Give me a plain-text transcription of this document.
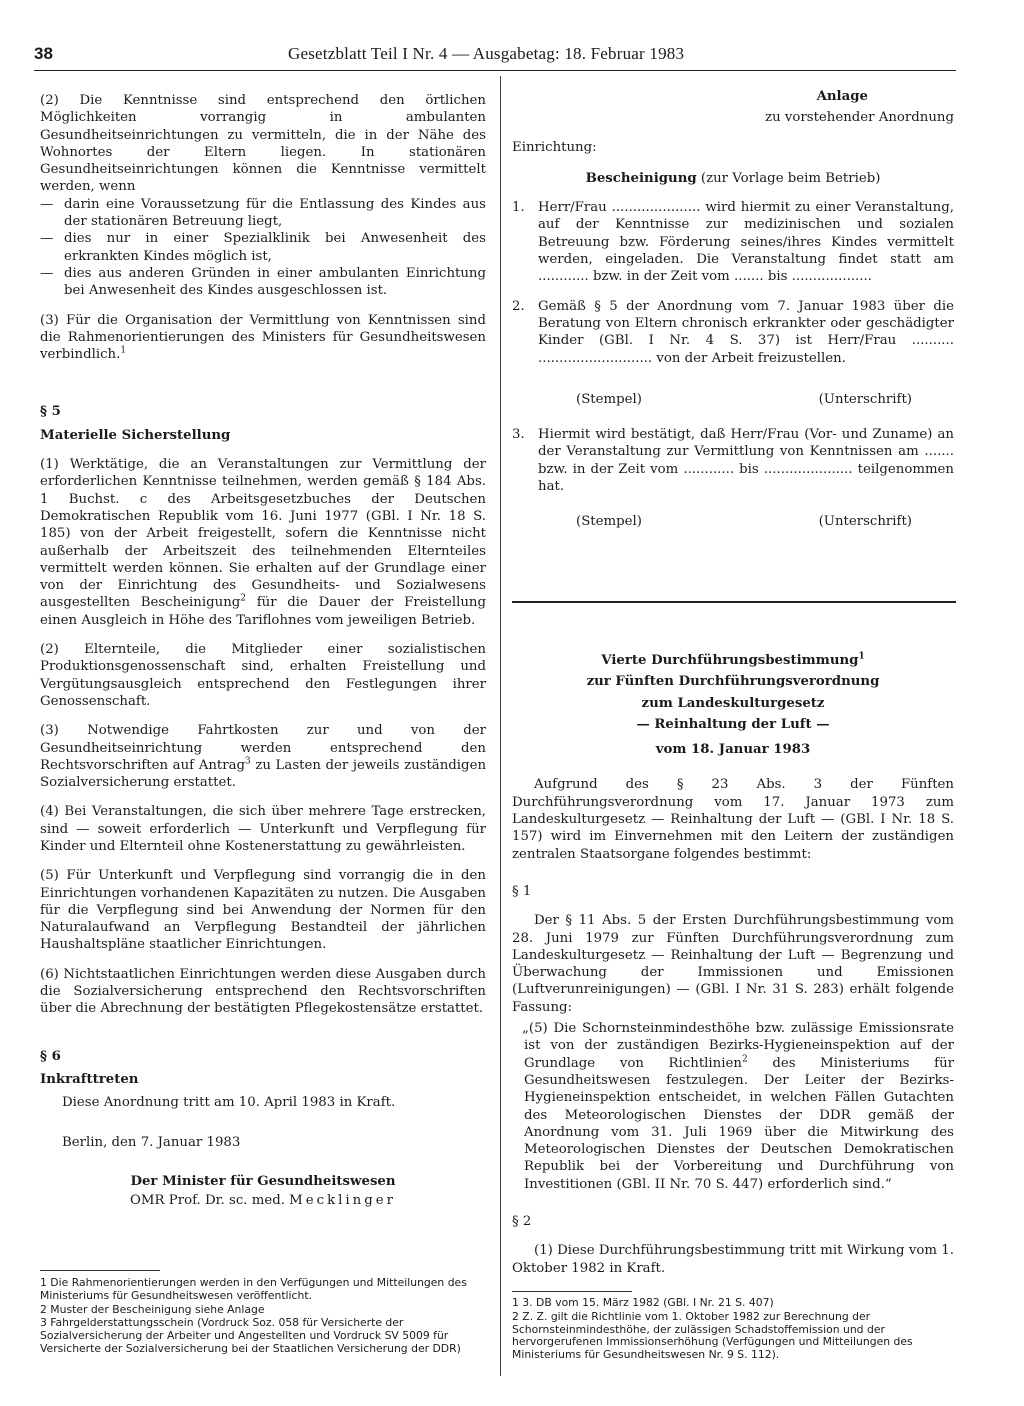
38	Gesetzblatt Teil I Nr. 4 — Ausgabetag: 18. Februar 1983

(2) Die Kenntnisse sind entsprechend den örtlichen Möglichkeiten vorrangig in ambulanten Gesundheitseinrichtungen zu vermitteln, die in der Nähe des Wohnortes der Eltern liegen. In stationären Gesundheitseinrichtungen können die Kenntnisse vermittelt werden, wenn

— darin eine Voraussetzung für die Entlassung des Kindes aus der stationären Betreuung liegt,
— dies nur in einer Spezialklinik bei Anwesenheit des erkrankten Kindes möglich ist,
— dies aus anderen Gründen in einer ambulanten Einrichtung bei Anwesenheit des Kindes ausgeschlossen ist.

(3) Für die Organisation der Vermittlung von Kenntnissen sind die Rahmenorientierungen des Ministers für Gesundheitswesen verbindlich.$^1$

§ 5

Materielle Sicherstellung

(1) Werktätige, die an Veranstaltungen zur Vermittlung der erforderlichen Kenntnisse teilnehmen, werden gemäß § 184 Abs. 1 Buchst. c des Arbeitsgesetzbuches der Deutschen Demokratischen Republik vom 16. Juni 1977 (GBl. I Nr. 18 S. 185) von der Arbeit freigestellt, sofern die Kenntnisse nicht außerhalb der Arbeitszeit des teilnehmenden Elternteiles vermittelt werden können. Sie erhalten auf der Grundlage einer von der Einrichtung des Gesundheits- und Sozialwesens ausgestellten Bescheinigung$^2$ für die Dauer der Freistellung einen Ausgleich in Höhe des Tariflohnes vom jeweiligen Betrieb.

(2) Elternteile, die Mitglieder einer sozialistischen Produktionsgenossenschaft sind, erhalten Freistellung und Vergütungsausgleich entsprechend den Festlegungen ihrer Genossenschaft.

(3) Notwendige Fahrtkosten zur und von der Gesundheitseinrichtung werden entsprechend den Rechtsvorschriften auf Antrag$^3$ zu Lasten der jeweils zuständigen Sozialversicherung erstattet.

(4) Bei Veranstaltungen, die sich über mehrere Tage erstrecken, sind — soweit erforderlich — Unterkunft und Verpflegung für Kinder und Elternteil ohne Kostenerstattung zu gewährleisten.

(5) Für Unterkunft und Verpflegung sind vorrangig die in den Einrichtungen vorhandenen Kapazitäten zu nutzen. Die Ausgaben für die Verpflegung sind bei Anwendung der Normen für den Naturalaufwand an Verpflegung Bestandteil der jährlichen Haushaltspläne staatlicher Einrichtungen.

(6) Nichtstaatlichen Einrichtungen werden diese Ausgaben durch die Sozialversicherung entsprechend den Rechtsvorschriften über die Abrechnung der bestätigten Pflegekostensätze erstattet.

§ 6

Inkrafttreten

Diese Anordnung tritt am 10. April 1983 in Kraft.

Berlin, den 7. Januar 1983

Der Minister für Gesundheitswesen

OMR Prof. Dr. sc. med. Mecklinger

1 Die Rahmenorientierungen werden in den Verfügungen und Mitteilungen des Ministeriums für Gesundheitswesen veröffentlicht.

2 Muster der Bescheinigung siehe Anlage

3 Fahrgelderstattungsschein (Vordruck Soz. 058 für Versicherte der Sozialversicherung der Arbeiter und Angestellten und Vordruck SV 5009 für Versicherte der Sozialversicherung bei der Staatlichen Versicherung der DDR)

Anlage

zu vorstehender Anordnung

Einrichtung:

Bescheinigung (zur Vorlage beim Betrieb)

1.	Herr/Frau ..................... wird hiermit zu einer Veranstaltung, auf der Kenntnisse zur medizinischen und sozialen Betreuung bzw. Förderung seines/ihres Kindes vermittelt werden, eingeladen. Die Veranstaltung findet statt am ............ bzw. in der Zeit vom ....... bis ...................
2.	Gemäß § 5 der Anordnung vom 7. Januar 1983 über die Beratung von Eltern chronisch erkrankter oder geschädigter Kinder (GBl. I Nr. 4 S. 37) ist Herr/Frau .......... ........................... von der Arbeit freizustellen.
(Stempel)	(Unterschrift)
3.	Hiermit wird bestätigt, daß Herr/Frau (Vor- und Zuname) an der Veranstaltung zur Vermittlung von Kenntnissen am ....... bzw. in der Zeit vom ............ bis ..................... teilgenommen hat.
(Stempel)	(Unterschrift)

Vierte Durchführungsbestimmung$^1$

zur Fünften Durchführungsverordnung

zum Landeskulturgesetz

— Reinhaltung der Luft —

vom 18. Januar 1983

Aufgrund des § 23 Abs. 3 der Fünften Durchführungsverordnung vom 17. Januar 1973 zum Landeskulturgesetz — Reinhaltung der Luft — (GBl. I Nr. 18 S. 157) wird im Einvernehmen mit den Leitern der zuständigen zentralen Staatsorgane folgendes bestimmt:

§ 1

Der § 11 Abs. 5 der Ersten Durchführungsbestimmung vom 28. Juni 1979 zur Fünften Durchführungsverordnung zum Landeskulturgesetz — Reinhaltung der Luft — Begrenzung und Überwachung der Immissionen und Emissionen (Luftverunreinigungen) — (GBl. I Nr. 31 S. 283) erhält folgende Fassung:

„(5) Die Schornsteinmindesthöhe bzw. zulässige Emissionsrate ist von der zuständigen Bezirks-Hygieneinspektion auf der Grundlage von Richtlinien$^2$ des Ministeriums für Gesundheitswesen festzulegen. Der Leiter der Bezirks-Hygieneinspektion entscheidet, in welchen Fällen Gutachten des Meteorologischen Dienstes der DDR gemäß der Anordnung vom 31. Juli 1969 über die Mitwirkung des Meteorologischen Dienstes der Deutschen Demokratischen Republik bei der Vorbereitung und Durchführung von Investitionen (GBl. II Nr. 70 S. 447) erforderlich sind.“

§ 2

(1) Diese Durchführungsbestimmung tritt mit Wirkung vom 1. Oktober 1982 in Kraft.

1 3. DB vom 15. März 1982 (GBl. I Nr. 21 S. 407)

2 Z. Z. gilt die Richtlinie vom 1. Oktober 1982 zur Berechnung der Schornsteinmindesthöhe, der zulässigen Schadstoffemission und der hervorgerufenen Immissionserhöhung (Verfügungen und Mitteilungen des Ministeriums für Gesundheitswesen Nr. 9 S. 112).
